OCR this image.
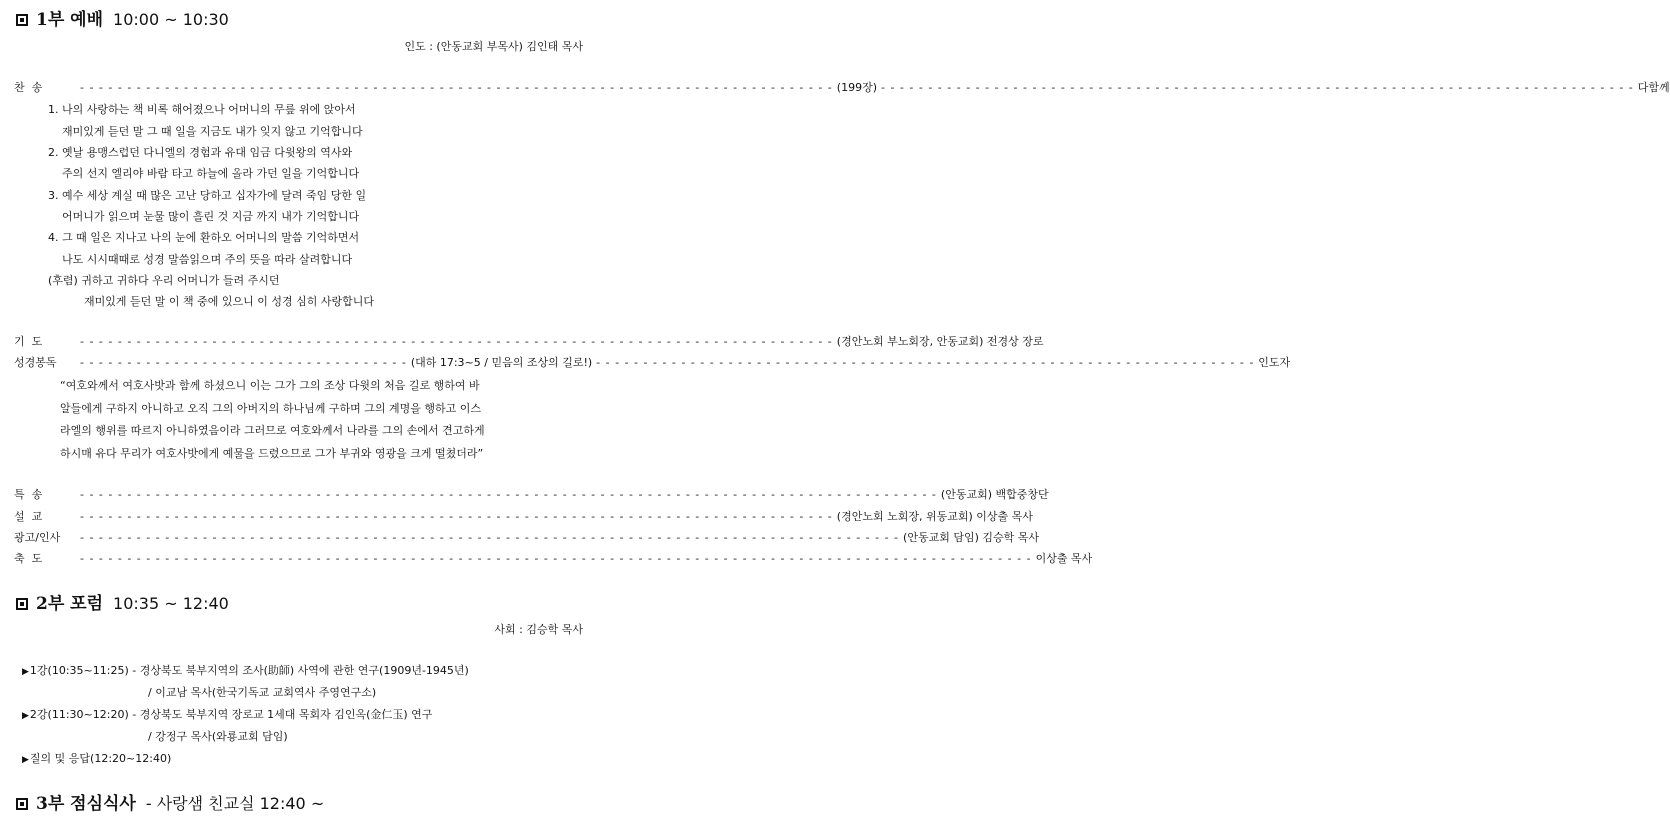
1부 예배 10:00 ~ 10:30
인도 : (안동교회 부목사) 김인태 목사
찬  송	- - - - - - - - - - - - - - - - - - - - - - - - - - - - - - - - - - - - - - - - - - - - - - - - - - - - - - - - - - - - - - - - - - - - - - - - - - - - - - - - (199장) - - - - - - - - - - - - - - - - - - - - - - - - - - - - - - - - - - - - - - - - - - - - - - - - - - - - - - - - - - - - - - - - - - - - - - - - - - - - - - - - 다함께
1. 나의 사랑하는 책 비록 해어졌으나 어머니의 무릎 위에 앉아서
재미있게 듣던 말 그 때 일을 지금도 내가 잊지 않고 기억합니다
2. 옛날 용맹스럽던 다니엘의 경험과 유대 임금 다윗왕의 역사와
주의 선지 엘리야 바람 타고 하늘에 올라 가던 일을 기억합니다
3. 예수 세상 계실 때 많은 고난 당하고 십자가에 달려 죽임 당한 일
어머니가 읽으며 눈물 많이 흘린 것 지금 까지 내가 기억합니다
4. 그 때 일은 지나고 나의 눈에 환하오 어머니의 말씀 기억하면서
나도 시시때때로 성경 말씀읽으며 주의 뜻을 따라 살려합니다
(후렴) 귀하고 귀하다 우리 어머니가 들려 주시던
재미있게 듣던 말 이 책 중에 있으니 이 성경 심히 사랑합니다
기  도	- - - - - - - - - - - - - - - - - - - - - - - - - - - - - - - - - - - - - - - - - - - - - - - - - - - - - - - - - - - - - - - - - - - - - - - - - - - - - - - - (경안노회 부노회장, 안동교회) 전경상 장로
성경봉독	- - - - - - - - - - - - - - - - - - - - - - - - - - - - - - - - - - - (대하 17:3~5 / 믿음의 조상의 길로!) - - - - - - - - - - - - - - - - - - - - - - - - - - - - - - - - - - - - - - - - - - - - - - - - - - - - - - - - - - - - - - - - - - - - - - 인도자
“여호와께서 여호사밧과 함께 하셨으니 이는 그가 그의 조상 다윗의 처음 길로 행하여 바
알들에게 구하지 아니하고 오직 그의 아버지의 하나님께 구하며 그의 계명을 행하고 이스
라엘의 행위를 따르지 아니하였음이라 그러므로 여호와께서 나라를 그의 손에서 견고하게
하시매 유다 무리가 여호사밧에게 예물을 드렸으므로 그가 부귀와 영광을 크게 떨쳤더라”
특  송	- - - - - - - - - - - - - - - - - - - - - - - - - - - - - - - - - - - - - - - - - - - - - - - - - - - - - - - - - - - - - - - - - - - - - - - - - - - - - - - - - - - - - - - - - - - (안동교회) 백합중창단
설  교	- - - - - - - - - - - - - - - - - - - - - - - - - - - - - - - - - - - - - - - - - - - - - - - - - - - - - - - - - - - - - - - - - - - - - - - - - - - - - - - - (경안노회 노회장, 위동교회) 이상출 목사
광고/인사	- - - - - - - - - - - - - - - - - - - - - - - - - - - - - - - - - - - - - - - - - - - - - - - - - - - - - - - - - - - - - - - - - - - - - - - - - - - - - - - - - - - - - - - (안동교회 담임) 김승학 목사
축  도	- - - - - - - - - - - - - - - - - - - - - - - - - - - - - - - - - - - - - - - - - - - - - - - - - - - - - - - - - - - - - - - - - - - - - - - - - - - - - - - - - - - - - - - - - - - - - - - - - - - - - 이상출 목사
2부 포럼 10:35 ~ 12:40
사회 : 김승학 목사
▶1강(10:35~11:25) - 경상북도 북부지역의 조사(助師) 사역에 관한 연구(1909년-1945년)
/ 이교남 목사(한국기독교 교회역사 주영연구소)
▶2강(11:30~12:20) - 경상북도 북부지역 장로교 1세대 목회자 김인옥(金仁玉) 연구
/ 강정구 목사(와룡교회 담임)
▶질의 및 응답(12:20~12:40)
3부 점심식사 - 사랑샘 친교실 12:40 ~
